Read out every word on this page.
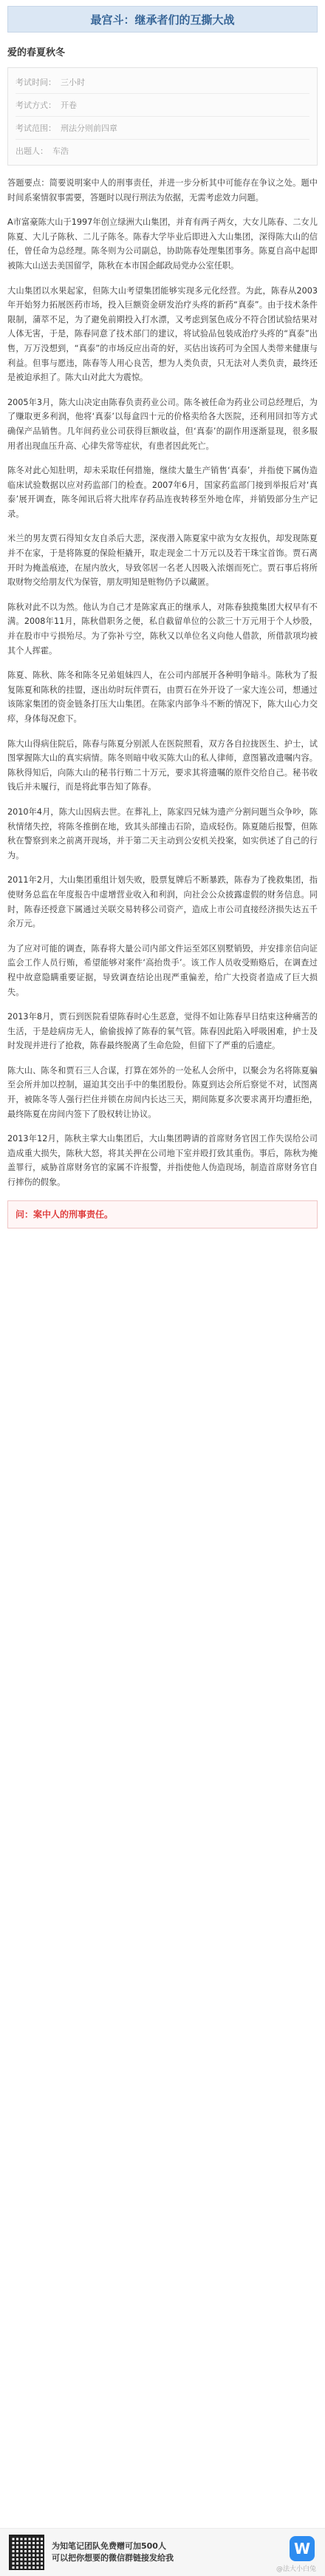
最宫斗：继承者们的互撕大战
爱的春夏秋冬
考试时间： 三小时
考试方式： 开卷
考试范围： 刑法分则前四章
出题人： 车浩

答题要点：简要说明案中人的刑事责任，并进一步分析其中可能存在争议之处。题中时间系案情叙事需要，答题时以现行刑法为依据，无需考虑效力问题。

A市富豪陈大山于1997年创立绿洲大山集团，并育有两子两女，大女儿陈春、二女儿陈夏、大儿子陈秋、二儿子陈冬。陈春大学毕业后即进入大山集团，深得陈大山的信任，曾任命为总经理。陈冬则为公司副总，协助陈春处理集团事务。陈夏自高中起即被陈大山送去美国留学，陈秋在本市国企邮政局党办公室任职。

大山集团以水果起家，但陈大山考望集团能够实现多元化经营。为此，陈春从2003年开始努力拓展医药市场，投入巨额资金研发治疗头疼的新药“真泰”。由于技术条件限制，蒲萃不足，为了避免前期投入打水漂，又考虑到氢色成分不符合团试验结果对人体无害，于是，陈春同意了技术部门的建议，将试验品包装成治疗头疼的“真泰”出售，万万没想到，“真泰”的市场反应出奇的好，买估出该药可为全国人类带来健康与利益。但事与愿违，陈春等人用心良苦，想为人类负责，只无法对人类负责，最终还是被迫承担了。陈大山对此大为震惊。

2005年3月，陈大山决定由陈春负责药业公司。陈冬被任命为药业公司总经理后，为了赚取更多利润，他将‘真泰’以每盒四十元的价格卖给各大医院，还利用回扣等方式确保产品销售。几年间药业公司获得巨额收益，但‘真泰’的副作用逐渐显现，很多服用者出现血压升高、心律失常等症状，有患者因此死亡。

陈冬对此心知肚明，却未采取任何措施，继续大量生产销售‘真泰’，并指使下属伪造临床试验数据以应对药监部门的检查。2007年6月，国家药监部门接到举报后对‘真泰’展开调查，陈冬闻讯后将大批库存药品连夜转移至外地仓库，并销毁部分生产记录。

米兰的男友贾石得知女友自杀后大悲，深夜潜入陈夏家中欲为女友报仇，却发现陈夏并不在家，于是将陈夏的保险柜撬开，取走现金二十万元以及若干珠宝首饰。贾石离开时为掩盖痕迹，在屋内放火，导致邻居一名老人因吸入浓烟而死亡。贾石事后将所取财物交给朋友代为保管，朋友明知是赃物仍予以藏匿。

陈秋对此不以为然。他认为自己才是陈家真正的继承人，对陈春独揽集团大权早有不满。2008年11月，陈秋借职务之便，私自截留单位的公款三十万元用于个人炒股，并在股市中亏损殆尽。为了弥补亏空，陈秋又以单位名义向他人借款，所借款项均被其个人挥霍。

陈夏、陈秋、陈冬和陈冬兄弟姐妹四人，在公司内部展开各种明争暗斗。陈秋为了报复陈夏和陈秋的挂盟，逐出幼时玩伴贾石，由贾石在外开设了一家大连公司，想通过该陈家集团的资金链条打压大山集团。在陈家内部争斗不断的情况下，陈大山心力交瘁，身体每况愈下。

陈大山得病住院后，陈春与陈夏分别派人在医院照看，双方各自拉拢医生、护士，试图掌握陈大山的真实病情。陈冬则暗中收买陈大山的私人律师，意图篡改遗嘱内容。陈秋得知后，向陈大山的秘书行贿二十万元，要求其将遗嘱的原件交给自己。秘书收钱后并未履行，而是将此事告知了陈春。

2010年4月，陈大山因病去世。在葬礼上，陈家四兄妹为遗产分割问题当众争吵，陈秋情绪失控，将陈冬推倒在地，致其头部撞击石阶，造成轻伤。陈夏随后报警，但陈秋在警察到来之前离开现场，并于第二天主动到公安机关投案，如实供述了自己的行为。

2011年2月，大山集团重组计划失败，股票复牌后不断暴跌，陈春为了挽救集团，指使财务总监在年度报告中虚增营业收入和利润，向社会公众披露虚假的财务信息。同时，陈春还授意下属通过关联交易转移公司资产，造成上市公司直接经济损失达五千余万元。

为了应对可能的调查，陈春将大量公司内部文件运至郊区别墅销毁，并安排亲信向证监会工作人员行贿，希望能够对案件‘高抬贵手’。该工作人员收受贿赂后，在调查过程中故意隐瞒重要证据，导致调查结论出现严重偏差，给广大投资者造成了巨大损失。

2013年8月，贾石到医院看望陈春时心生恶意，觉得不如让陈春早日结束这种痛苦的生活，于是趁病房无人，偷偷拔掉了陈春的氧气管。陈春因此陷入呼吸困难，护士及时发现并进行了抢救，陈春最终脱离了生命危险，但留下了严重的后遗症。

陈大山、陈冬和贾石三人合谋，打算在郊外的一处私人会所中，以聚会为名将陈夏骗至会所并加以控制，逼迫其交出手中的集团股份。陈夏到达会所后察觉不对，试图离开，被陈冬等人强行拦住并锁在房间内长达三天，期间陈夏多次要求离开均遭拒绝，最终陈夏在房间内签下了股权转让协议。

2013年12月，陈秋主掌大山集团后，大山集团聘请的首席财务官因工作失误给公司造成重大损失，陈秋大怒，将其关押在公司地下室并殴打致其重伤。事后，陈秋为掩盖罪行，威胁首席财务官的家属不许报警，并指使他人伪造现场，制造首席财务官自行摔伤的假象。

问：案中人的刑事责任。
为知笔记团队免费赠可加500人
可以把你想要的微信群链接发给我
W
@法大小白兔
